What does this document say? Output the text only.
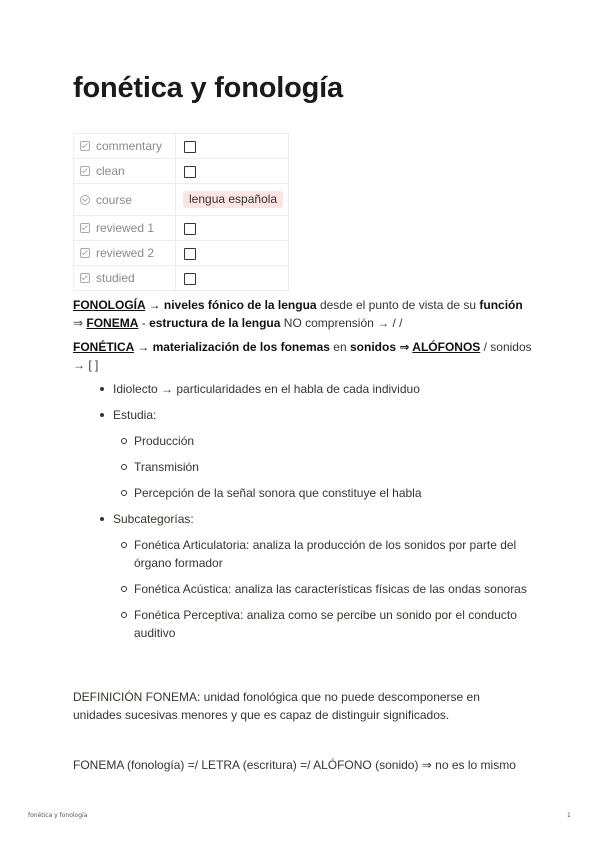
fonética y fonología
commentary	
clean	
course	lengua española
reviewed 1	
reviewed 2	
studied	

FONOLOGÍA → niveles fónico de la lengua desde el punto de vista de su función
⇒ FONEMA - estructura de la lengua NO comprensión → / /

FONÉTICA → materialización de los fonemas en sonidos ⇒ ALÓFONOS / sonidos → [ ]

Idiolecto → particularidades en el habla de cada individuo
Estudia:
Producción
Transmisión
Percepción de la señal sonora que constituye el habla
Subcategorías:
Fonética Articulatoria: analiza la producción de los sonidos por parte del órgano formador
Fonética Acústica: analiza las características físicas de las ondas sonoras
Fonética Perceptiva: analiza como se percibe un sonido por el conducto auditivo

DEFINICIÓN FONEMA: unidad fonológica que no puede descomponerse en unidades sucesivas menores y que es capaz de distinguir significados.

FONEMA (fonología) =/ LETRA (escritura) =/ ALÓFONO (sonido) ⇒ no es lo mismo

fonética y fonología	1
